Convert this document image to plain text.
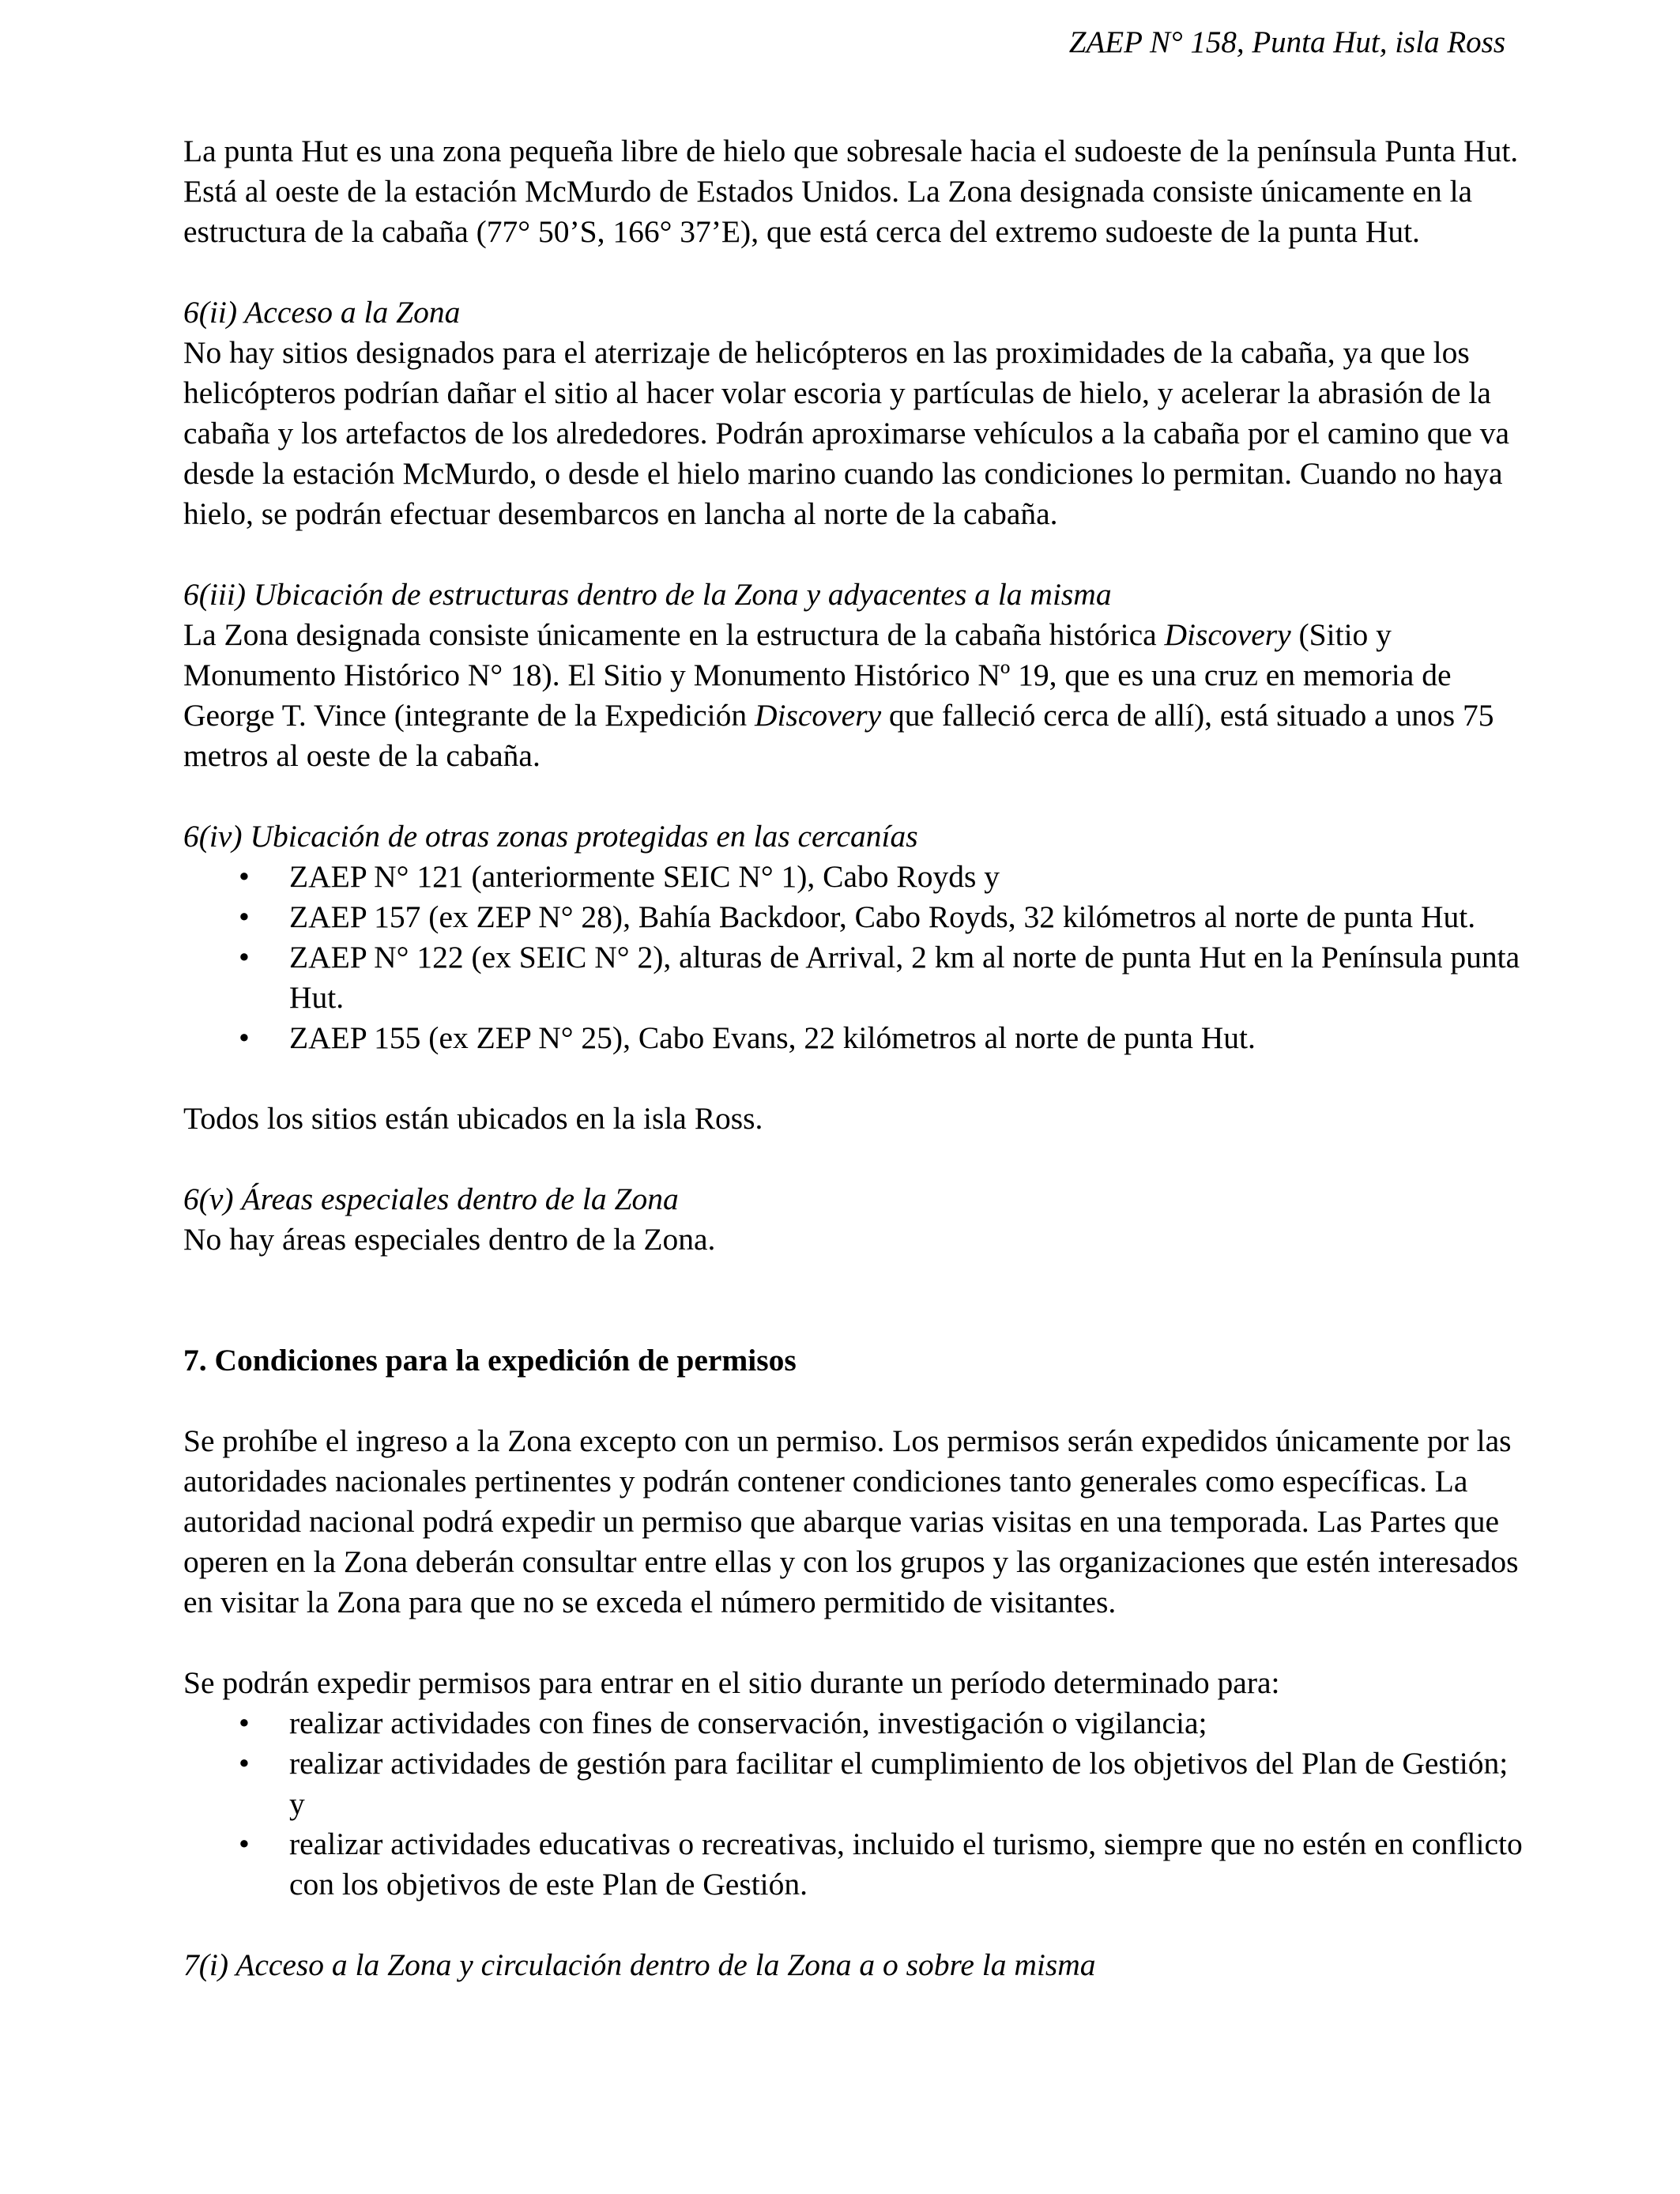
ZAEP N° 158, Punta Hut, isla Ross

La punta Hut es una zona pequeña libre de hielo que sobresale hacia el sudoeste de la península Punta Hut. Está al oeste de la estación McMurdo de Estados Unidos. La Zona designada consiste únicamente en la estructura de la cabaña (77° 50’S, 166° 37’E), que está cerca del extremo sudoeste de la punta Hut.

6(ii) Acceso a la Zona

No hay sitios designados para el aterrizaje de helicópteros en las proximidades de la cabaña, ya que los helicópteros podrían dañar el sitio al hacer volar escoria y partículas de hielo, y acelerar la abrasión de la cabaña y los artefactos de los alrededores. Podrán aproximarse vehículos a la cabaña por el camino que va desde la estación McMurdo, o desde el hielo marino cuando las condiciones lo permitan. Cuando no haya hielo, se podrán efectuar desembarcos en lancha al norte de la cabaña.

6(iii) Ubicación de estructuras dentro de la Zona y adyacentes a la misma

La Zona designada consiste únicamente en la estructura de la cabaña histórica Discovery (Sitio y Monumento Histórico N° 18). El Sitio y Monumento Histórico Nº 19, que es una cruz en memoria de George T. Vince (integrante de la Expedición Discovery que falleció cerca de allí), está situado a unos 75 metros al oeste de la cabaña.

6(iv) Ubicación de otras zonas protegidas en las cercanías

• ZAEP N° 121 (anteriormente SEIC N° 1), Cabo Royds y
• ZAEP 157 (ex ZEP N° 28), Bahía Backdoor, Cabo Royds, 32 kilómetros al norte de punta Hut.
• ZAEP N° 122 (ex SEIC N° 2), alturas de Arrival, 2 km al norte de punta Hut en la Península punta Hut.
• ZAEP 155 (ex ZEP N° 25), Cabo Evans, 22 kilómetros al norte de punta Hut.

Todos los sitios están ubicados en la isla Ross.

6(v) Áreas especiales dentro de la Zona

No hay áreas especiales dentro de la Zona.

7. Condiciones para la expedición de permisos

Se prohíbe el ingreso a la Zona excepto con un permiso. Los permisos serán expedidos únicamente por las autoridades nacionales pertinentes y podrán contener condiciones tanto generales como específicas. La autoridad nacional podrá expedir un permiso que abarque varias visitas en una temporada. Las Partes que operen en la Zona deberán consultar entre ellas y con los grupos y las organizaciones que estén interesados en visitar la Zona para que no se exceda el número permitido de visitantes.

Se podrán expedir permisos para entrar en el sitio durante un período determinado para:

• realizar actividades con fines de conservación, investigación o vigilancia;
• realizar actividades de gestión para facilitar el cumplimiento de los objetivos del Plan de Gestión; y
• realizar actividades educativas o recreativas, incluido el turismo, siempre que no estén en conflicto con los objetivos de este Plan de Gestión.

7(i) Acceso a la Zona y circulación dentro de la Zona a o sobre la misma
